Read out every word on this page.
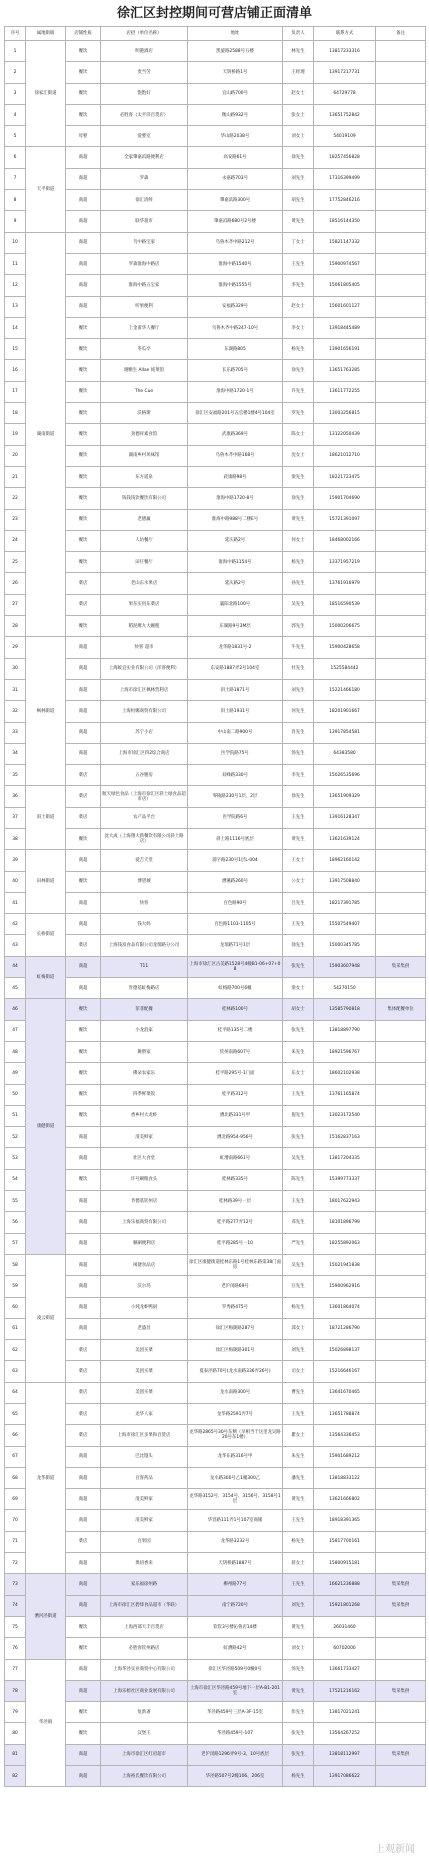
徐汇区封控期间可营店铺正面清单
序号	属地街镇	店铺性质	店招（单位名称）	地址	负责人	联系方式	备注
1	徐家汇街道	餐饮	明港酒店	凯旋路2588号五楼	林先生	13817233316	
2		餐饮	麦当劳	天钥桥路1号	王经理	13917217731	
3		餐饮	饱饱好	宜山路700号	赵女士	64729778	
4		餐饮	必胜客（太平洋百货店）	衡山路932号	张女士	13651752842	
5		母婴	爱婴室	华山路2038号	刘女士	54019109	
6	天平街道	商超	全家肇嘉浜路便利店	高安路61号	徐先生	18257456828	
7		商超	罗森	永嘉路703号	刘先生	17316399499	
8		商超	徐汇清鲜	肇嘉浜路300号	胡先生	17752846216	
9		商超	联华超市	肇嘉浜路680号2号楼	黄先生	18516144350	
10	湖南街道	商超	乌中路宝家	乌鲁木齐中路212号	丁女士	15821147332	
11		商超	罗森淮海中路店	淮海中路1540号	王先生	15900974567	
12		商超	淮海中路五宝家	淮海中路1555号	李先生	15061805405	
13		商超	听果便利	安福路329号	赵女士	15601601127	
14		餐饮	上金甫华人餐厅	乌鲁木齐中路247-10号	李女士	13918445489	
15		餐饮	冬瓜亭	东湖路805	杨先生	13901656191	
16		餐饮	谢赡生 Allan 炖菜馆	长乐路705号	徐先生	13651763285	
17		餐饮	The Cue	淮海中路1720-1号	许先生	13611772255	
18		餐饮	沃格斯	徐汇区安福路201号五官楼1楼4号104室	罗先生	13003256815	
19		餐饮	劲德祥素食馆	武康路369号	陈女士	13122050439	
20		餐饮	湖南乡村风味馆	乌鲁木齐中路168号	沈女士	18621012710	
21		餐饮	东方道泉	武康路98号	梁先生	18221723475	
22		餐饮	钱钱钱饮餐饮有限公司	淮海中路1720-8号	徐先生	15901704690	
23		餐饮	老德赢	淮海中路988号二楼E号	黄先生	15721391097	
24		餐饮	人坊餐厅	延庆路2号	何女士	18468002166	
25		餐饮	田仔餐厅	淮海中路1154号	杨先生	13371957219	
26		菜店	老山东水果店	延庆路2号	孙先生	13761916979	
27		菜店	果东实用东菜店	襄阳北路100号	吴先生	18516590539	
28		餐饮	稻泥爆九大碗粗	东湖路9号3M层	郭先生	15000206675	
29	枫林街道	商超	快客 超市	龙华路1831号-2	牛先生	15900428658	
30		商超	上海蛟宜实业有限公司（洋客便利）	东安路1887弄2号104室	杜先生	1525584442	
31		商超	上海市徐汇区枫林营利店	斜土路1871号	刘先生	15221466180	
32		商超	上海恒娜商贸有限公司	斜土路1931号	何先生	18201901667	
33		商超	苏宁小店	中山南二路900号	肖先生	13917854581	
34		商超	上海市徐汇区四2综合商店	医学院路75号	汤先生	64383580	
35		菜店	五谷膳房	双峰路330号	李先生	15026535696	
36	斜土街道	菜店	航天绿色食品（上海市徐汇区斜土绿食品超市店）	零陵路230号1层、2层	徐先生	13651909329	
37		菜店	农产品平台	医学院路6号	王先生	13916128347	
38		餐饮	沈大成（上海翔大新餐饮有限公司斜土路店）	斜土路1116号底层	黄先生	13621639124	
39	田林街道	商超	爱吉天堂	浦字路230号1层L-004	王女士	18962160142	
40		餐饮	博望城	漕溪路260号	公女士	13917508840	
41		商超	快客	百色路90号	吕先生	18217391785	
42	长桥街道	商超	钱大妈	百色路1103-1105号	王先生	15507549407	
43		菜店	上海钱富食品有限公司龙瑞路分公司	龙瑞路71号1层	徐先生	15000345785	
44	虹梅街道	商超	T11	上海市徐汇区古美路1528号4幢B1-06+07+08	张先生	15903607948	集采集供
45		商超	肯德基虹梅路店	虹梅路700号6幢	梁女士	54270150	
46	康健街道	餐饮	菲菲配餐	桂林路100号	胡女士	13585790818	集体配餐单位
47		餐饮	小龙浪家	桂平路135号二楼	张先生	13818897790	
48		餐饮	舞偎家	钦州南路607号	朱先生	18921596767	
49		餐饮	佛朵农家乐	桂平路295号-1门面	乐女士	18602102938	
50		餐饮	四季鲜菜饭	桂平路312号	王先生	13761165874	
51		餐饮	香乡村大龙虾	漕北路331号甲	倪先生	13023172540	
52		商超	清美鲜家	漕北路954-956号	张先生	15162837163	
53		商超	社区大食堂	虹漕南路661号	吴先生	13817204335	
54		餐饮	许号刷粮食头	桂林路335号	陈先生	15399773337	
55		商超	肯德基钦州店	桂林路39号一层	王先生	18017622943	
56		商超	上海乐福商贸有限公司	桂平路277弄12号	邓先生	18101896799	
57		商超	顿刷便利店	桂平路285号一10	严先生	18255892063	
58	凌云街道	商超	闲捷食品店	徐汇区康健街道桂林东路1号桂林东路第38门面房	吴先生	15021941838	
59		商超	沃尔玛	老沪闵路69号	汪先生	15900962916	
60		商超	小炖龙虾鸭厨	罗秀路475号	杨先生	13601864074	
61		商超	老盛昌	徐汇区梅陇路287号	邱女士	18721286790	
62		菜店	美团买菜	徐汇区梅陇路301号	刘先生	15026898137	
63		菜店	美团买菜	夏泰泾路70号(龙水南路336弄26号)	司女士	15216646167	
64	龙华街道	菜店	美团买菜	龙水南路300号	曹先生	13641670465	
65		菜店	龙华人家	龙华路2591弄7号	王先生	13651788874	
66		菜店	上海市徐汇区多果和百货店	龙华路2865号30号东侧（早相当于这里龙吴路20号东1楼）	瞿女士	13564336453	
67		商超	巴比馒头	龙华东路316号甲	朱先生	15901689212	
68		商超	百客药品	龙水路300号乙1幢300乙	潘先生	13818833122	
69		商超	清美鲜家	龙华路3152号、3154号、3156号、3158号1层	黄先生	13621666802	
70		商超	清美鲜家	华容路111弄1号107室商铺	王先生	18918391365	
71		菜店	百果园	龙华路3232号	杨先生	15817700161	
72		商超	奥纽香来	天钥桥路1887号	蒋女士	15800915181	
73	漕河泾街道	商超	家乐福徐州路	柳州路77号	王先生	16621236888	集采集供
74		商超	上海市徐汇区碧烽食品超市（华联）	南宁路720号	刘先生	15921801268	集采集供
75		餐饮	上海西部天丰百货店	钦钦3号楼沁鲁店14楼	黄先生	26031460	
76		餐饮	必胜客钦州路店	虹漕路42号	刘女士	60702000	
77	华泾镇	商超	上海华泾实业商贸中心有限公司	徐汇区华泾路509号0幢0号	汤先生	13661733427	
78		商超	上海乐榜社区商业发展有限公司	上海市徐汇区华泾路459号地下一层A-B1-201室	黄先生	17521216162	集采集供
79		餐饮	复新斋	华泾路459号三层A-3F-15室	彭先生	13817021241	
80		餐饮	汉堡王	华泾路459号-107	张先生	13564267252	
81		商超	上海市徐汇区红府超市	老沪闵路1296弄9号-3、10号底层	张先生	13818112997	集采集供
82		商超	上海裕氏餐饮有限公司	华泾路507号2幢106、206室	杨先生	13917086622	
上观新闻
